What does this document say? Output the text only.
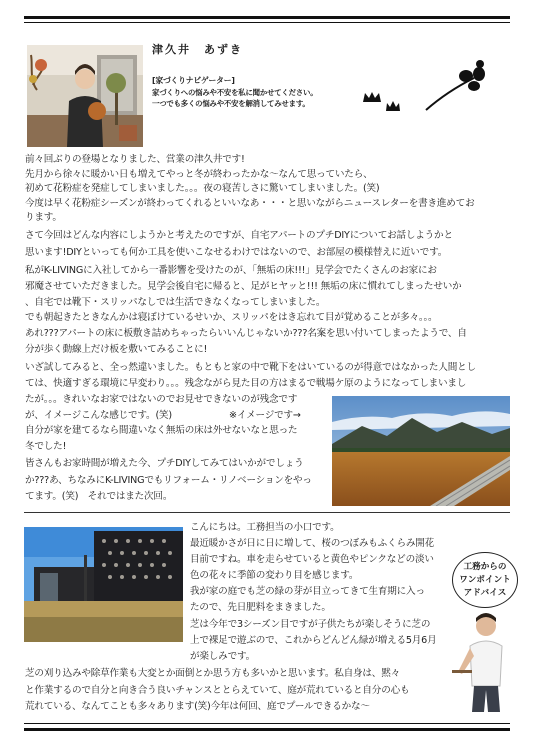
津久井　あずき
[家づくりナビゲーター]
家づくりへの悩みや不安を私に聞かせてください。
一つでも多くの悩みや不安を解消してみせます。
前々回ぶりの登場となりました、営業の津久井です!
先月から徐々に暖かい日も増えてやっと冬が終わったかな〜なんて思っていたら、
初めて花粉症を発症してしまいました。。。夜の寝苦しさに驚いてしまいました。(笑)
今度は早く花粉症シーズンが終わってくれるといいなあ・・・と思いながらニュースレターを書き進めてお
ります。
さて今回はどんな内容にしようかと考えたのですが、自宅アパートのプチDIYについてお話しようかと
思います!DIYといっても何か工具を使いこなせるわけではないので、お部屋の模様替えに近いです。
私がK-LIVINGに入社してから一番影響を受けたのが、「無垢の床!!!」見学会でたくさんのお家にお
邪魔させていただきました。見学会後自宅に帰ると、足がヒヤッと!!! 無垢の床に慣れてしまったせいか
、自宅では靴下・スリッパなしでは生活できなくなってしまいました。
でも朝起きたときなんかは寝ぼけているせいか、スリッパをはき忘れて目が覚めることが多々。。。
あれ???アパートの床に板敷き詰めちゃったらいいんじゃないか???名案を思い付いてしまったようで、自
分が歩く動線上だけ板を敷いてみることに!
いざ試してみると、全っ然違いました。もともと家の中で靴下をはいているのが得意ではなかった人間とし
ては、快適すぎる環境に早変わり。。。残念ながら見た目の方はまるで戦場ケ原のようになってしまいまし
たが。。。きれいなお家ではないのでお見せできないのが残念です
が、イメージこんな感じです。(笑)	※イメージです→
自分が家を建てるなら間違いなく無垢の床は外せないなと思った
冬でした!
皆さんもお家時間が増えた今、プチDIYしてみてはいかがでしょう
か???あ、ちなみにK-LIVINGでもリフォーム・リノベーションをやっ
てます。(笑)　それではまた次回。
こんにちは。工務担当の小口です。
最近暖かさが日に日に増して、桜のつぼみもふくらみ開花
目前ですね。車を走らせていると黄色やピンクなどの淡い
色の花々に季節の変わり目を感じます。
我が家の庭でも芝の緑の芽が目立ってきて生育期に入っ
たので、先日肥料をまきました。
芝は今年で3シーズン目ですが子供たちが楽しそうに芝の
上で裸足で遊ぶので、これからどんどん緑が増える5月6月
が楽しみです。
芝の刈り込みや除草作業も大変とか面倒とか思う方も多いかと思います。私自身は、黙々
と作業するので自分と向き合う良いチャンスととらえていて、庭が荒れていると自分の心も
荒れている、なんてことも多々あります(笑)今年は何回、庭でプールできるかな〜
工務からの
ワンポイント
アドバイス
